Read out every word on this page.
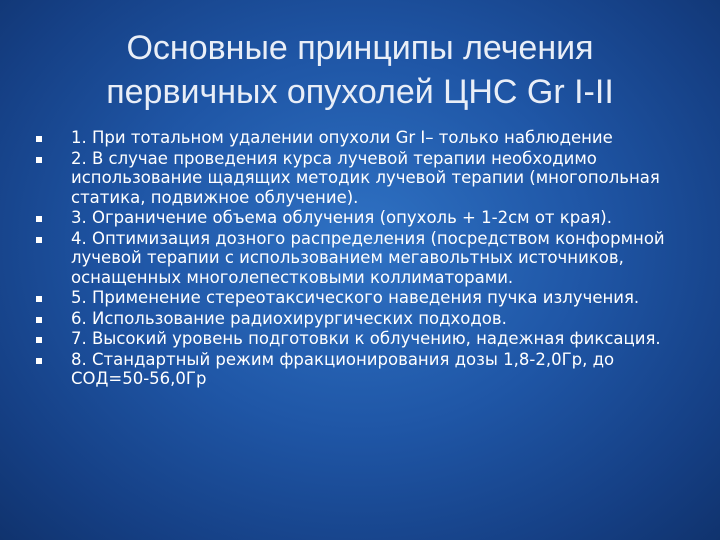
Основные принципы лечения
первичных опухолей ЦНС Gr I-II
1. При тотальном удалении опухоли Gr I– только наблюдение
2. В случае проведения курса лучевой терапии необходимо использование щадящих методик лучевой терапии (многопольная статика, подвижное облучение).
3. Ограничение объема облучения (опухоль + 1-2см от края).
4. Оптимизация дозного распределения (посредством конформной лучевой терапии с использованием мегавольтных источников, оснащенных многолепестковыми коллиматорами.
5. Применение стереотаксического наведения пучка излучения.
6. Использование радиохирургических подходов.
7. Высокий уровень подготовки к облучению, надежная фиксация.
8. Стандартный режим фракционирования дозы 1,8-2,0Гр, до СОД=50-56,0Гр
